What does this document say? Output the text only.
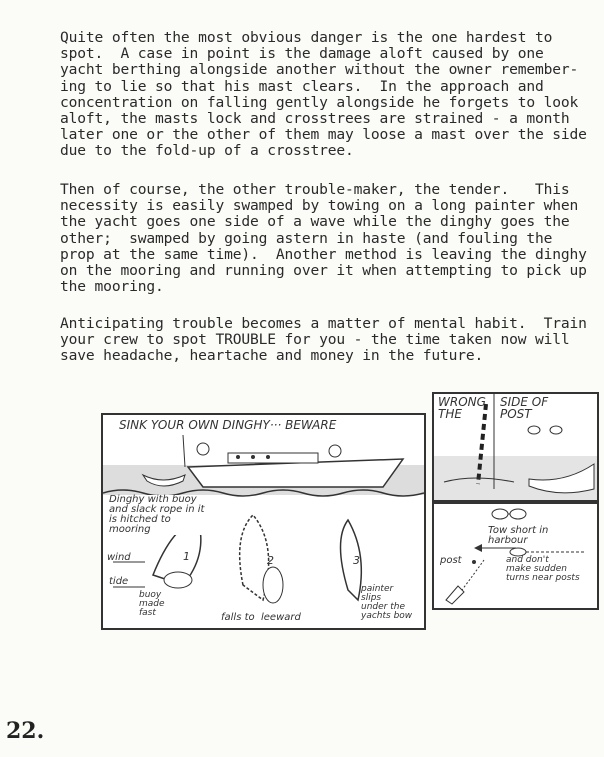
Quite often the most obvious danger is the one hardest to
spot.  A case in point is the damage aloft caused by one
yacht berthing alongside another without the owner remember-
ing to lie so that his mast clears.  In the approach and
concentration on falling gently alongside he forgets to look
aloft, the masts lock and crosstrees are strained - a month
later one or the other of them may loose a mast over the side
due to the fold-up of a crosstree.
Then of course, the other trouble-maker, the tender.   This
necessity is easily swamped by towing on a long painter when
the yacht goes one side of a wave while the dinghy goes the
other;  swamped by going astern in haste (and fouling the
prop at the same time).  Another method is leaving the dinghy
on the mooring and running over it when attempting to pick up
the mooring.
Anticipating trouble becomes a matter of mental habit.  Train
your crew to spot TROUBLE for you - the time taken now will
save headache, heartache and money in the future.
SINK YOUR OWN DINGHY··· BEWARE
Dinghy with buoy
and slack rope in it
is hitched to
mooring
wind
tide
buoy
made
fast	falls to  leeward
painter
slips
under the
yachts bow
1	2	3
WRONG
THE
SIDE OF
POST
Tow short in
harbour
post	and don't
make sudden
turns near posts
22.
